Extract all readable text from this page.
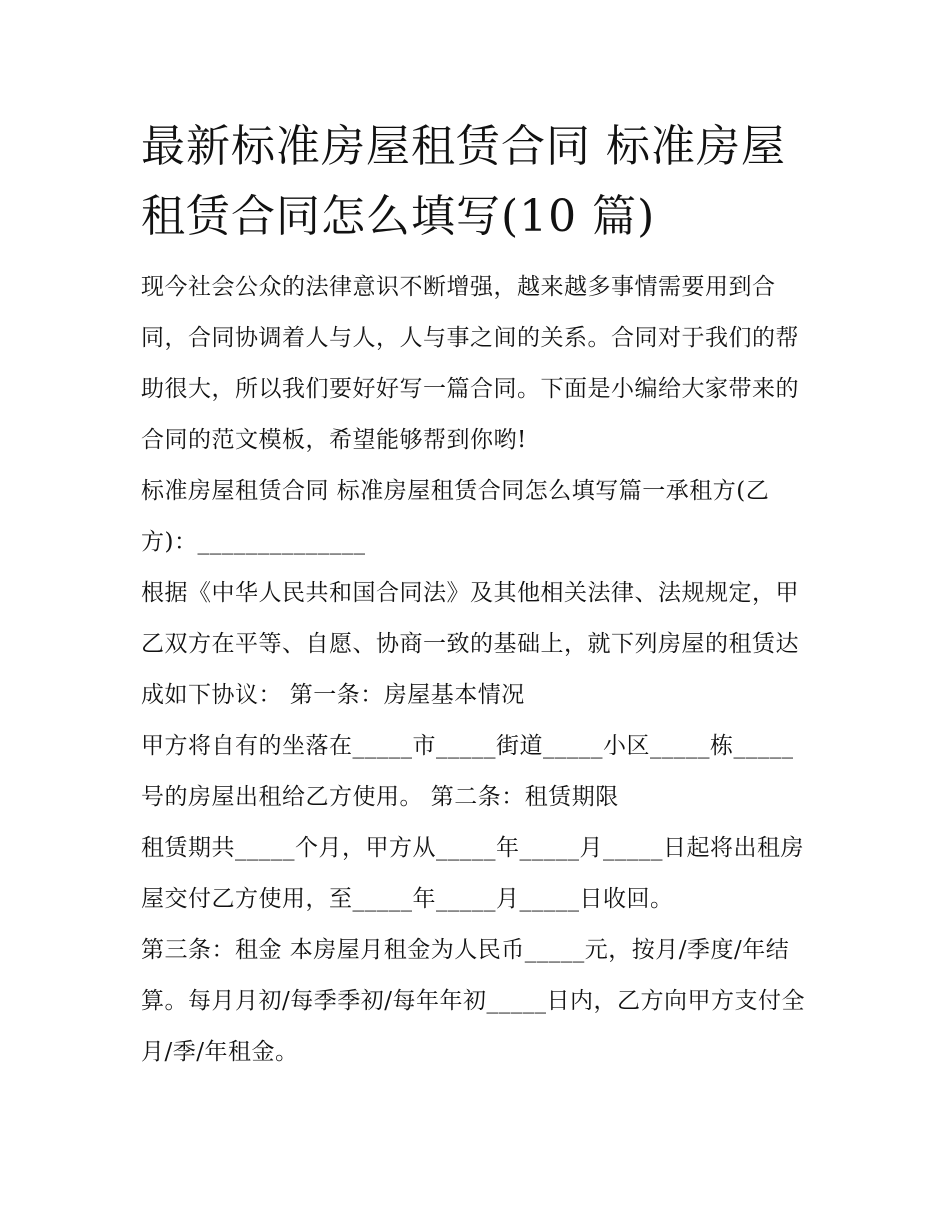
最新标准房屋租赁合同 标准房屋租赁合同怎么填写(10 篇)

现今社会公众的法律意识不断增强，越来越多事情需要用到合同，合同协调着人与人，人与事之间的关系。合同对于我们的帮助很大，所以我们要好好写一篇合同。下面是小编给大家带来的合同的范文模板，希望能够帮到你哟!

标准房屋租赁合同 标准房屋租赁合同怎么填写篇一承租方(乙方)：______________

根据《中华人民共和国合同法》及其他相关法律、法规规定，甲乙双方在平等、自愿、协商一致的基础上，就下列房屋的租赁达成如下协议： 第一条：房屋基本情况

甲方将自有的坐落在_____市_____街道_____小区_____栋_____号的房屋出租给乙方使用。 第二条：租赁期限

租赁期共_____个月，甲方从_____年_____月_____日起将出租房屋交付乙方使用，至_____年_____月_____日收回。

第三条：租金 本房屋月租金为人民币_____元，按月/季度/年结算。每月月初/每季季初/每年年初_____日内，乙方向甲方支付全月/季/年租金。
